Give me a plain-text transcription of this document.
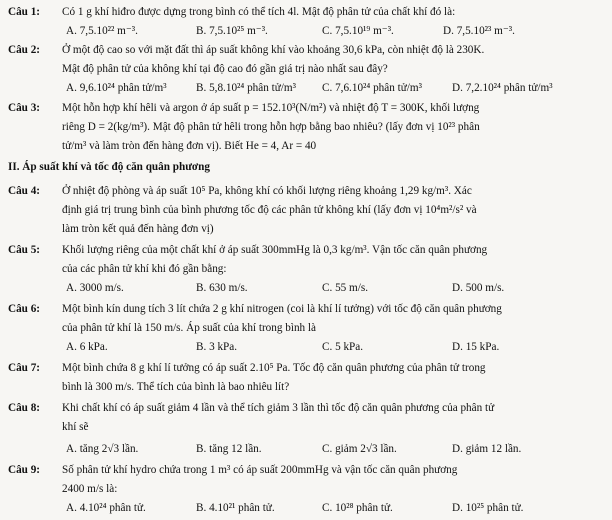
Câu 1: Có 1 g khí hiđro được dựng trong bình có thể tích 4l. Mật độ phân tử của chất khí đó là:
A. 7,5.10²² m⁻³.	B. 7,5.10²⁵ m⁻³.	C. 7,5.10¹⁹ m⁻³.	D. 7,5.10²³ m⁻³.
Câu 2: Ở một độ cao so với mặt đất thì áp suất không khí vào khoảng 30,6 kPa, còn nhiệt độ là 230K.
Mật độ phân tử của không khí tại độ cao đó gần giá trị nào nhất sau đây?
A. 9,6.10²⁴ phân tử/m³	B. 5,8.10²⁴ phân tử/m³ C. 7,6.10²⁴ phân tử/m³	D. 7,2.10²⁴ phân tử/m³
Câu 3: Một hỗn hợp khí hêli và argon ở áp suất p = 152.10³(N/m²) và nhiệt độ T = 300K, khối lượng
riêng D = 2(kg/m³). Mật độ phân tử hêli trong hỗn hợp bằng bao nhiêu? (lấy đơn vị 10²³ phân
tử/m³ và làm tròn đến hàng đơn vị). Biết He = 4, Ar = 40
II. Áp suất khí và tốc độ căn quân phương
Câu 4: Ở nhiệt độ phòng và áp suất 10⁵ Pa, không khí có khối lượng riêng khoảng 1,29 kg/m³. Xác
định giá trị trung bình của bình phương tốc độ các phân tử không khí (lấy đơn vị 10⁴m²/s² và
làm tròn kết quả đến hàng đơn vị)
Câu 5: Khối lượng riêng của một chất khí ở áp suất 300mmHg là 0,3 kg/m³. Vận tốc căn quân phương
của các phân tử khí khi đó gần bằng:
A. 3000 m/s.	B. 630 m/s.	C. 55 m/s.	D. 500 m/s.
Câu 6: Một bình kín dung tích 3 lít chứa 2 g khí nitrogen (coi là khí lí tưởng) với tốc độ căn quân phương
của phân tử khí là 150 m/s. Áp suất của khí trong bình là
A. 6 kPa.	B. 3 kPa.	C. 5 kPa.	D. 15 kPa.
Câu 7: Một bình chứa 8 g khí lí tưởng có áp suất 2.10⁵ Pa. Tốc độ căn quân phương của phân tử trong
bình là 300 m/s. Thể tích của bình là bao nhiêu lít?
Câu 8: Khi chất khí có áp suất giảm 4 lần và thể tích giảm 3 lần thì tốc độ căn quân phương của phân tử
khí sẽ
A. tăng 2√3 lần.	B. tăng 12 lần.	C. giảm 2√3 lần.	D. giảm 12 lần.
Câu 9: Số phân tử khí hydro chứa trong 1 m³ có áp suất 200mmHg và vận tốc căn quân phương
2400 m/s là:
A. 4.10²⁴ phân tử.	B. 4.10²¹ phân tử.	C. 10²⁸ phân tử.	D. 10²⁵ phân tử.
